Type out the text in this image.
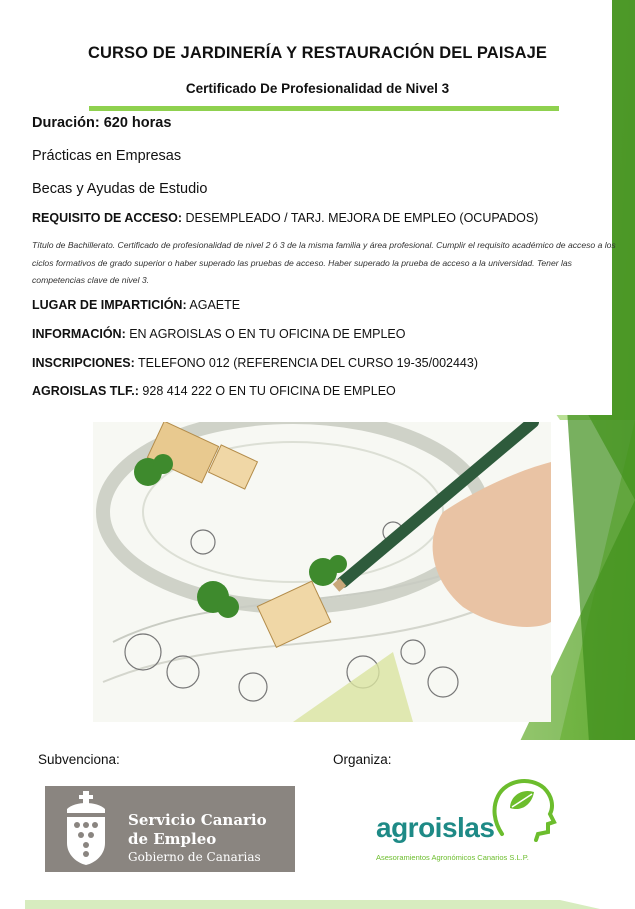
CURSO DE JARDINERÍA Y RESTAURACIÓN DEL PAISAJE
Certificado De Profesionalidad de Nivel 3
Duración: 620 horas
Prácticas en Empresas
Becas y Ayudas de Estudio
REQUISITO DE ACCESO: DESEMPLEADO / TARJ. MEJORA DE EMPLEO (OCUPADOS)
Título de Bachillerato. Certificado de profesionalidad de nivel 2 ó 3 de la misma familia y área profesional. Cumplir el requisito académico de acceso a los ciclos formativos de grado superior o haber superado las pruebas de acceso. Haber superado la prueba de acceso a la universidad. Tener las competencias clave de nivel 3.
LUGAR DE IMPARTICIÓN: AGAETE
INFORMACIÓN: EN AGROISLAS O EN TU OFICINA DE EMPLEO
INSCRIPCIONES: TELEFONO 012 (REFERENCIA DEL CURSO 19-35/002443)
AGROISLAS TLF.: 928 414 222 O EN TU OFICINA DE EMPLEO
Subvenciona:	Organiza:
Servicio Canario
de Empleo
Gobierno de Canarias
agroislas
Asesoramientos Agronómicos Canarios S.L.P.
